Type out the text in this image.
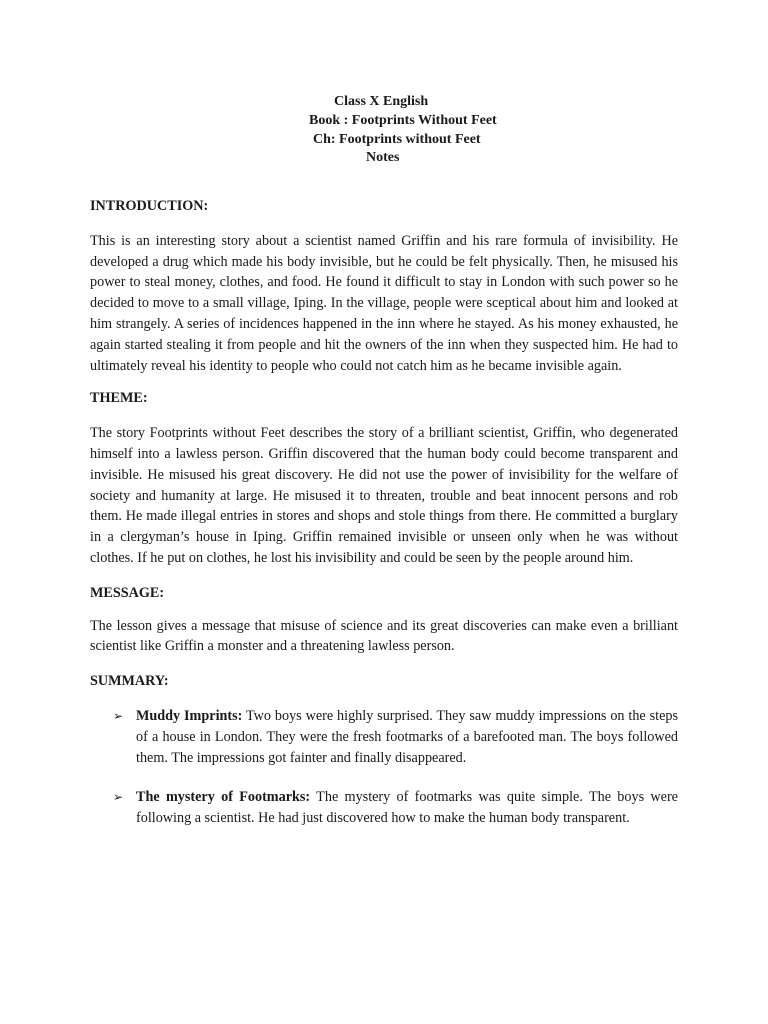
Class X English
Book : Footprints Without Feet
Ch: Footprints without Feet
Notes

INTRODUCTION:

This is an interesting story about a scientist named Griffin and his rare formula of invisibility. He developed a drug which made his body invisible, but he could be felt physically. Then, he misused his power to steal money, clothes, and food. He found it difficult to stay in London with such power so he decided to move to a small village, Iping. In the village, people were sceptical about him and looked at him strangely. A series of incidences happened in the inn where he stayed. As his money exhausted, he again started stealing it from people and hit the owners of the inn when they suspected him. He had to ultimately reveal his identity to people who could not catch him as he became invisible again.

THEME:

The story Footprints without Feet describes the story of a brilliant scientist, Griffin, who degenerated himself into a lawless person. Griffin discovered that the human body could become transparent and invisible. He misused his great discovery. He did not use the power of invisibility for the welfare of society and humanity at large. He misused it to threaten, trouble and beat innocent persons and rob them. He made illegal entries in stores and shops and stole things from there. He committed a burglary in a clergyman’s house in Iping. Griffin remained invisible or unseen only when he was without clothes. If he put on clothes, he lost his invisibility and could be seen by the people around him.

MESSAGE:

The lesson gives a message that misuse of science and its great discoveries can make even a brilliant scientist like Griffin a monster and a threatening lawless person.

SUMMARY:

➢ Muddy Imprints: Two boys were highly surprised. They saw muddy impressions on the steps of a house in London. They were the fresh footmarks of a barefooted man. The boys followed them. The impressions got fainter and finally disappeared.
➢ The mystery of Footmarks: The mystery of footmarks was quite simple. The boys were following a scientist. He had just discovered how to make the human body transparent.
